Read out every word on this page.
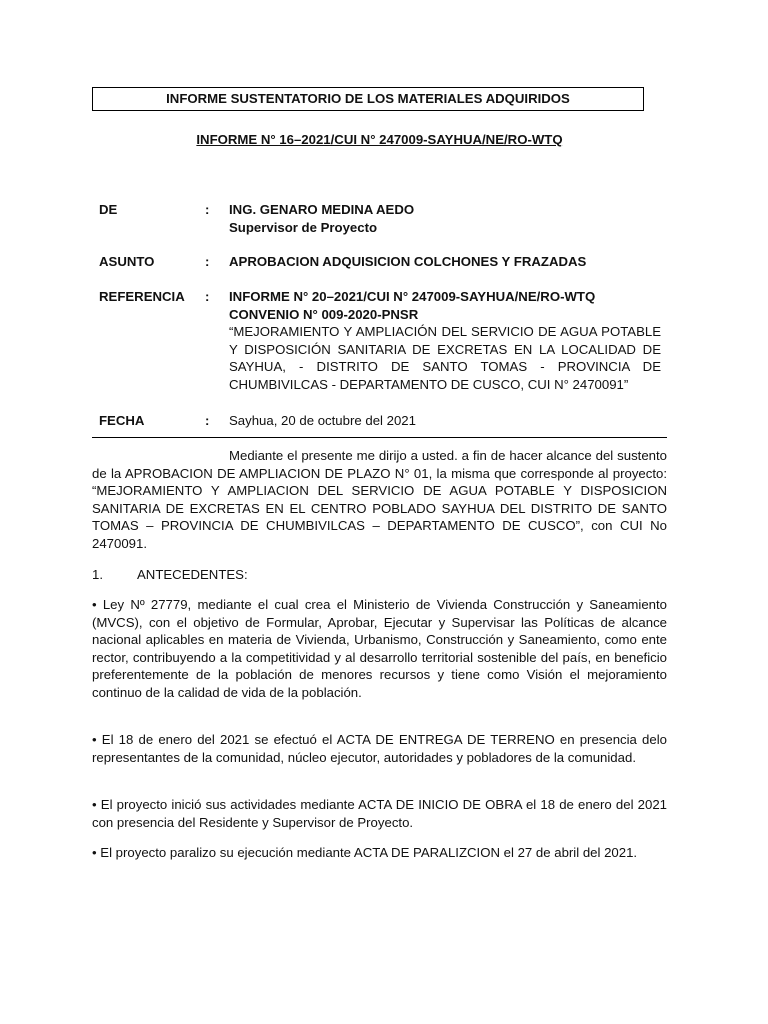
INFORME SUSTENTATORIO DE LOS MATERIALES ADQUIRIDOS
INFORME N° 16–2021/CUI N° 247009-SAYHUA/NE/RO-WTQ
DE	: ING. GENARO MEDINA AEDO
Supervisor de Proyecto
ASUNTO	: APROBACION ADQUISICION COLCHONES Y FRAZADAS
REFERENCIA	: INFORME N° 20–2021/CUI N° 247009-SAYHUA/NE/RO-WTQ
CONVENIO N° 009-2020-PNSR
“MEJORAMIENTO Y AMPLIACIÓN DEL SERVICIO DE AGUA POTABLE Y DISPOSICIÓN SANITARIA DE EXCRETAS EN LA LOCALIDAD DE SAYHUA, - DISTRITO DE SANTO TOMAS - PROVINCIA DE CHUMBIVILCAS - DEPARTAMENTO DE CUSCO, CUI N° 2470091”
FECHA	: Sayhua, 20 de octubre del 2021
Mediante el presente me dirijo a usted. a fin de hacer alcance del sustento de la APROBACION DE AMPLIACION DE PLAZO N° 01, la misma que corresponde al proyecto: “MEJORAMIENTO Y AMPLIACION DEL SERVICIO DE AGUA POTABLE Y DISPOSICION SANITARIA DE EXCRETAS EN EL CENTRO POBLADO SAYHUA DEL DISTRITO DE SANTO TOMAS – PROVINCIA DE CHUMBIVILCAS – DEPARTAMENTO DE CUSCO”, con CUI No 2470091.
1.	ANTECEDENTES:
• Ley Nº 27779, mediante el cual crea el Ministerio de Vivienda Construcción y Saneamiento (MVCS), con el objetivo de Formular, Aprobar, Ejecutar y Supervisar las Políticas de alcance nacional aplicables en materia de Vivienda, Urbanismo, Construcción y Saneamiento, como ente rector, contribuyendo a la competitividad y al desarrollo territorial sostenible del país, en beneficio preferentemente de la población de menores recursos y tiene como Visión el mejoramiento continuo de la calidad de vida de la población.
• El 18 de enero del 2021 se efectuó el ACTA DE ENTREGA DE TERRENO en presencia delo representantes de la comunidad, núcleo ejecutor, autoridades y pobladores de la comunidad.
• El proyecto inició sus actividades mediante ACTA DE INICIO DE OBRA el 18 de enero del 2021 con presencia del Residente y Supervisor de Proyecto.
• El proyecto paralizo su ejecución mediante ACTA DE PARALIZCION el 27 de abril del 2021.
